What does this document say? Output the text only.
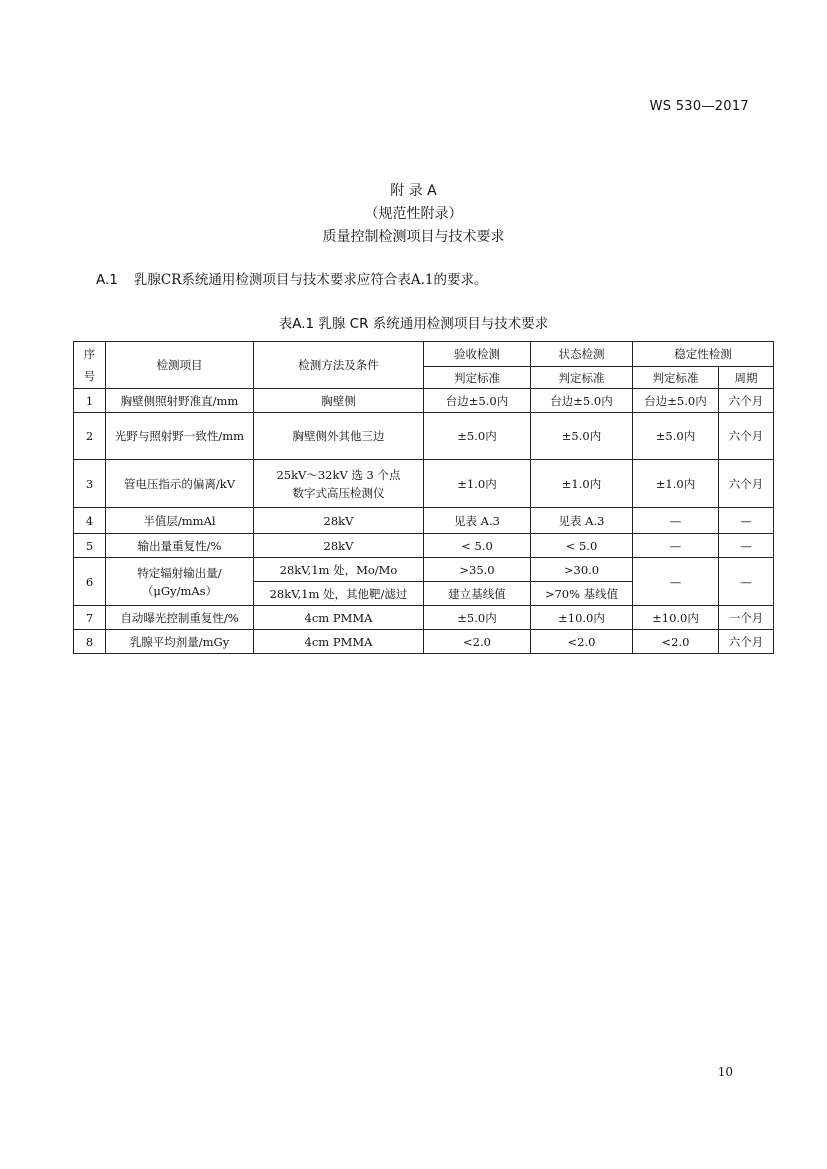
WS 530—2017
附 录 A
（规范性附录）
质量控制检测项目与技术要求
A.1 乳腺CR系统通用检测项目与技术要求应符合表A.1的要求。
表A.1 乳腺 CR 系统通用检测项目与技术要求
序号	检测项目	检测方法及条件	验收检测	状态检测	稳定性检测	
			判定标准	判定标准	判定标准	周期
1	胸壁侧照射野准直/mm	胸壁侧	台边±5.0内	台边±5.0内	台边±5.0内	六个月
2	光野与照射野一致性/mm	胸壁侧外其他三边	±5.0内	±5.0内	±5.0内	六个月
3	管电压指示的偏离/kV	25kV～32kV 选 3 个点
数字式高压检测仪	±1.0内	±1.0内	±1.0内	六个月
4	半值层/mmAl	28kV	见表 A.3	见表 A.3	—	—
5	输出量重复性/%	28kV	< 5.0	< 5.0	—	—
6	特定辐射输出量/
（μGy/mAs）	28kV,1m 处，Mo/Mo	>35.0	>30.0	—	—
		28kV,1m 处，其他靶/滤过	建立基线值	>70% 基线值		
7	自动曝光控制重复性/%	4cm PMMA	±5.0内	±10.0内	±10.0内	一个月
8	乳腺平均剂量/mGy	4cm PMMA	<2.0	<2.0	<2.0	六个月
10
